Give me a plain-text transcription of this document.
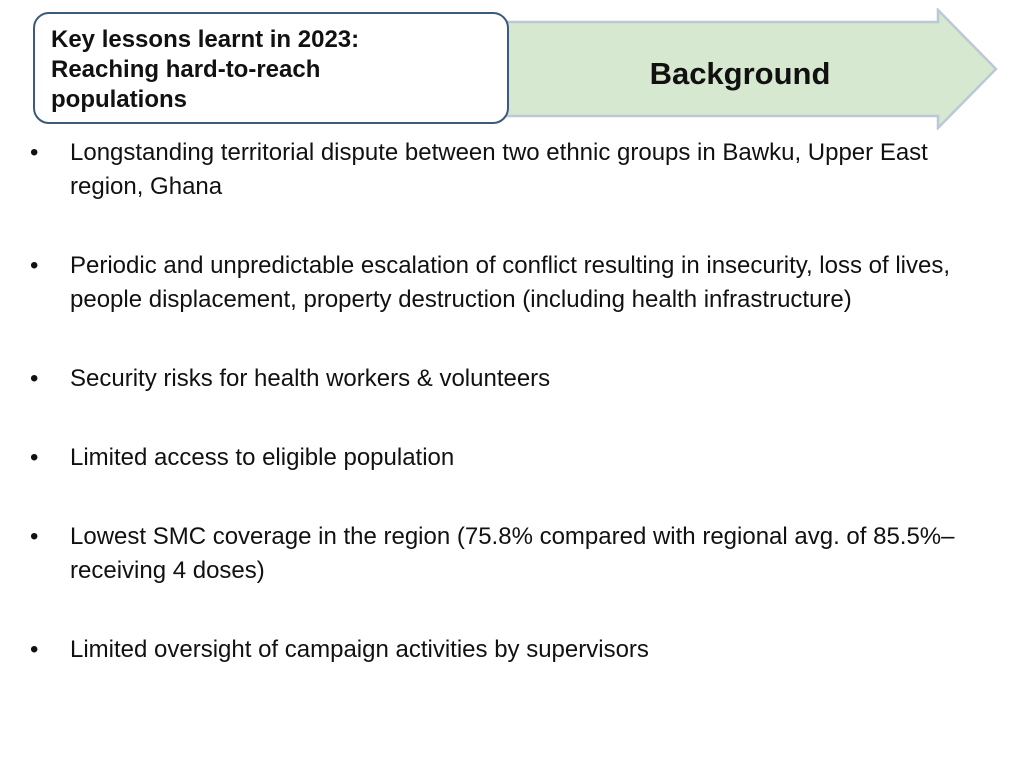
Background
Key lessons learnt in 2023:
Reaching hard-to-reach
populations
•	Longstanding territorial dispute between two ethnic groups in Bawku, Upper East region, Ghana
•	Periodic and unpredictable escalation of conflict resulting in insecurity, loss of lives, people displacement, property destruction (including health infrastructure)
•	Security risks for health workers & volunteers
•	Limited access to eligible population
•	Lowest SMC coverage in the region (75.8% compared with regional avg. of 85.5%– receiving 4 doses)
•	Limited oversight of campaign activities by supervisors
